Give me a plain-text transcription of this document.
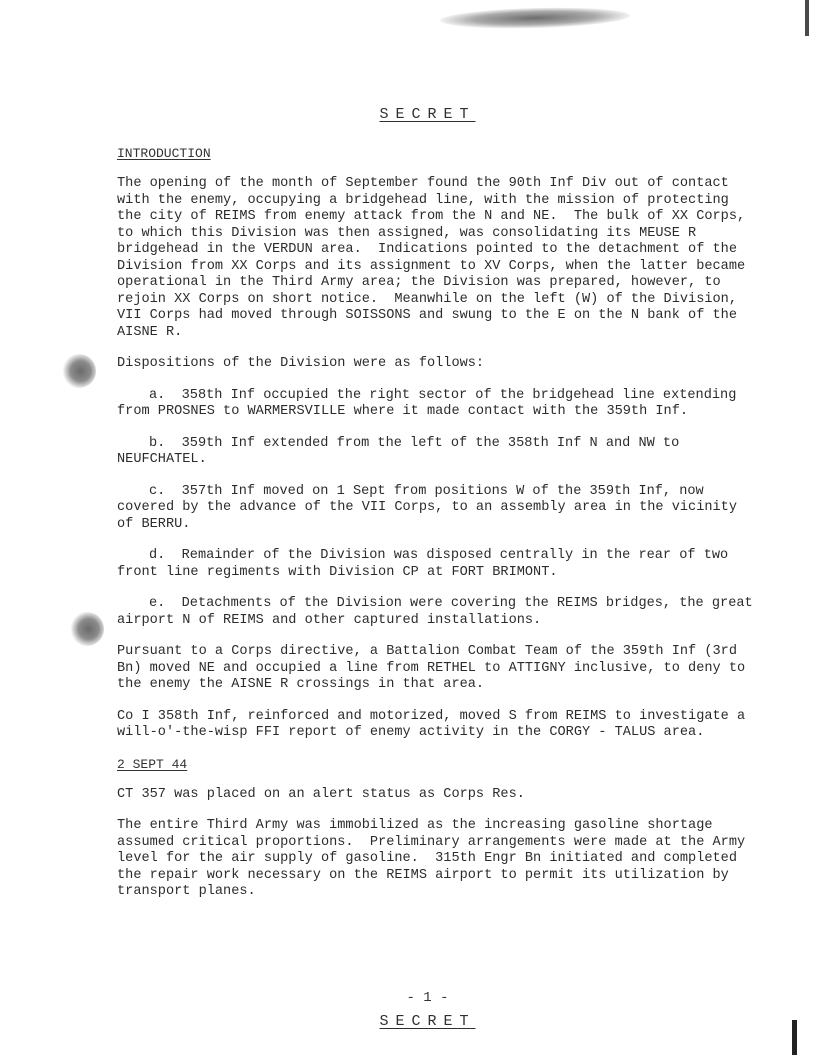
SECRET
INTRODUCTION

The opening of the month of September found the 90th Inf Div out of contact with the enemy, occupying a bridgehead line, with the mission of protecting the city of REIMS from enemy attack from the N and NE.  The bulk of XX Corps, to which this Division was then assigned, was consolidating its MEUSE R bridgehead in the VERDUN area.  Indications pointed to the detachment of the Division from XX Corps and its assignment to XV Corps, when the latter became operational in the Third Army area; the Division was prepared, however, to rejoin XX Corps on short notice.  Meanwhile on the left (W) of the Division, VII Corps had moved through SOISSONS and swung to the E on the N bank of the AISNE R.

Dispositions of the Division were as follows:

a.  358th Inf occupied the right sector of the bridgehead line extending from PROSNES to WARMERSVILLE where it made contact with the 359th Inf.

b.  359th Inf extended from the left of the 358th Inf N and NW to NEUFCHATEL.

c.  357th Inf moved on 1 Sept from positions W of the 359th Inf, now covered by the advance of the VII Corps, to an assembly area in the vicinity of BERRU.

d.  Remainder of the Division was disposed centrally in the rear of two front line regiments with Division CP at FORT BRIMONT.

e.  Detachments of the Division were covering the REIMS bridges, the great airport N of REIMS and other captured installations.

Pursuant to a Corps directive, a Battalion Combat Team of the 359th Inf (3rd Bn) moved NE and occupied a line from RETHEL to ATTIGNY inclusive, to deny to the enemy the AISNE R crossings in that area.

Co I 358th Inf, reinforced and motorized, moved S from REIMS to investigate a will-o'-the-wisp FFI report of enemy activity in the CORGY - TALUS area.

2 SEPT 44

CT 357 was placed on an alert status as Corps Res.

The entire Third Army was immobilized as the increasing gasoline shortage assumed critical proportions.  Preliminary arrangements were made at the Army level for the air supply of gasoline.  315th Engr Bn initiated and completed the repair work necessary on the REIMS airport to permit its utilization by transport planes.

- 1 -
SECRET
